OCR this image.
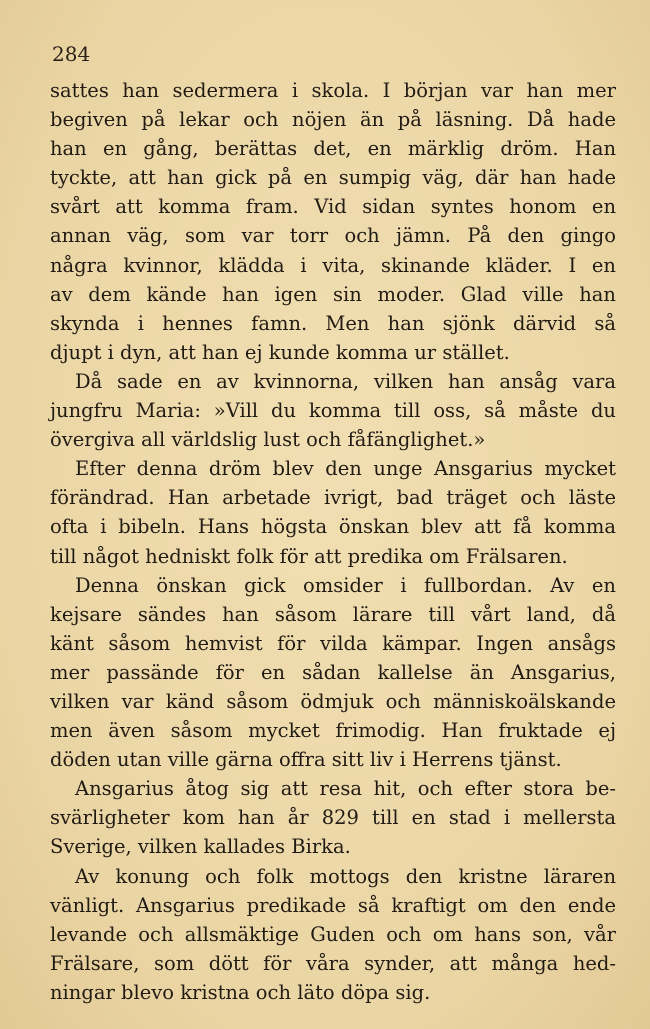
284
sattes han sedermera i skola. I början var han mer
begiven på lekar och nöjen än på läsning. Då hade
han en gång, berättas det, en märklig dröm. Han
tyckte, att han gick på en sumpig väg, där han hade
svårt att komma fram. Vid sidan syntes honom en
annan väg, som var torr och jämn. På den gingo
några kvinnor, klädda i vita, skinande kläder. I en
av dem kände han igen sin moder. Glad ville han
skynda i hennes famn. Men han sjönk därvid så
djupt i dyn, att han ej kunde komma ur stället.
Då sade en av kvinnorna, vilken han ansåg vara
jungfru Maria: »Vill du komma till oss, så måste du
övergiva all världslig lust och fåfänglighet.»
Efter denna dröm blev den unge Ansgarius mycket
förändrad. Han arbetade ivrigt, bad träget och läste
ofta i bibeln. Hans högsta önskan blev att få komma
till något hedniskt folk för att predika om Frälsaren.
Denna önskan gick omsider i fullbordan. Av en
kejsare sändes han såsom lärare till vårt land, då
känt såsom hemvist för vilda kämpar. Ingen ansågs
mer passände för en sådan kallelse än Ansgarius,
vilken var känd såsom ödmjuk och människoälskande
men även såsom mycket frimodig. Han fruktade ej
döden utan ville gärna offra sitt liv i Herrens tjänst.
Ansgarius åtog sig att resa hit, och efter stora be-
svärligheter kom han år 829 till en stad i mellersta
Sverige, vilken kallades Birka.
Av konung och folk mottogs den kristne läraren
vänligt. Ansgarius predikade så kraftigt om den ende
levande och allsmäktige Guden och om hans son, vår
Frälsare, som dött för våra synder, att många hed-
ningar blevo kristna och läto döpa sig.
